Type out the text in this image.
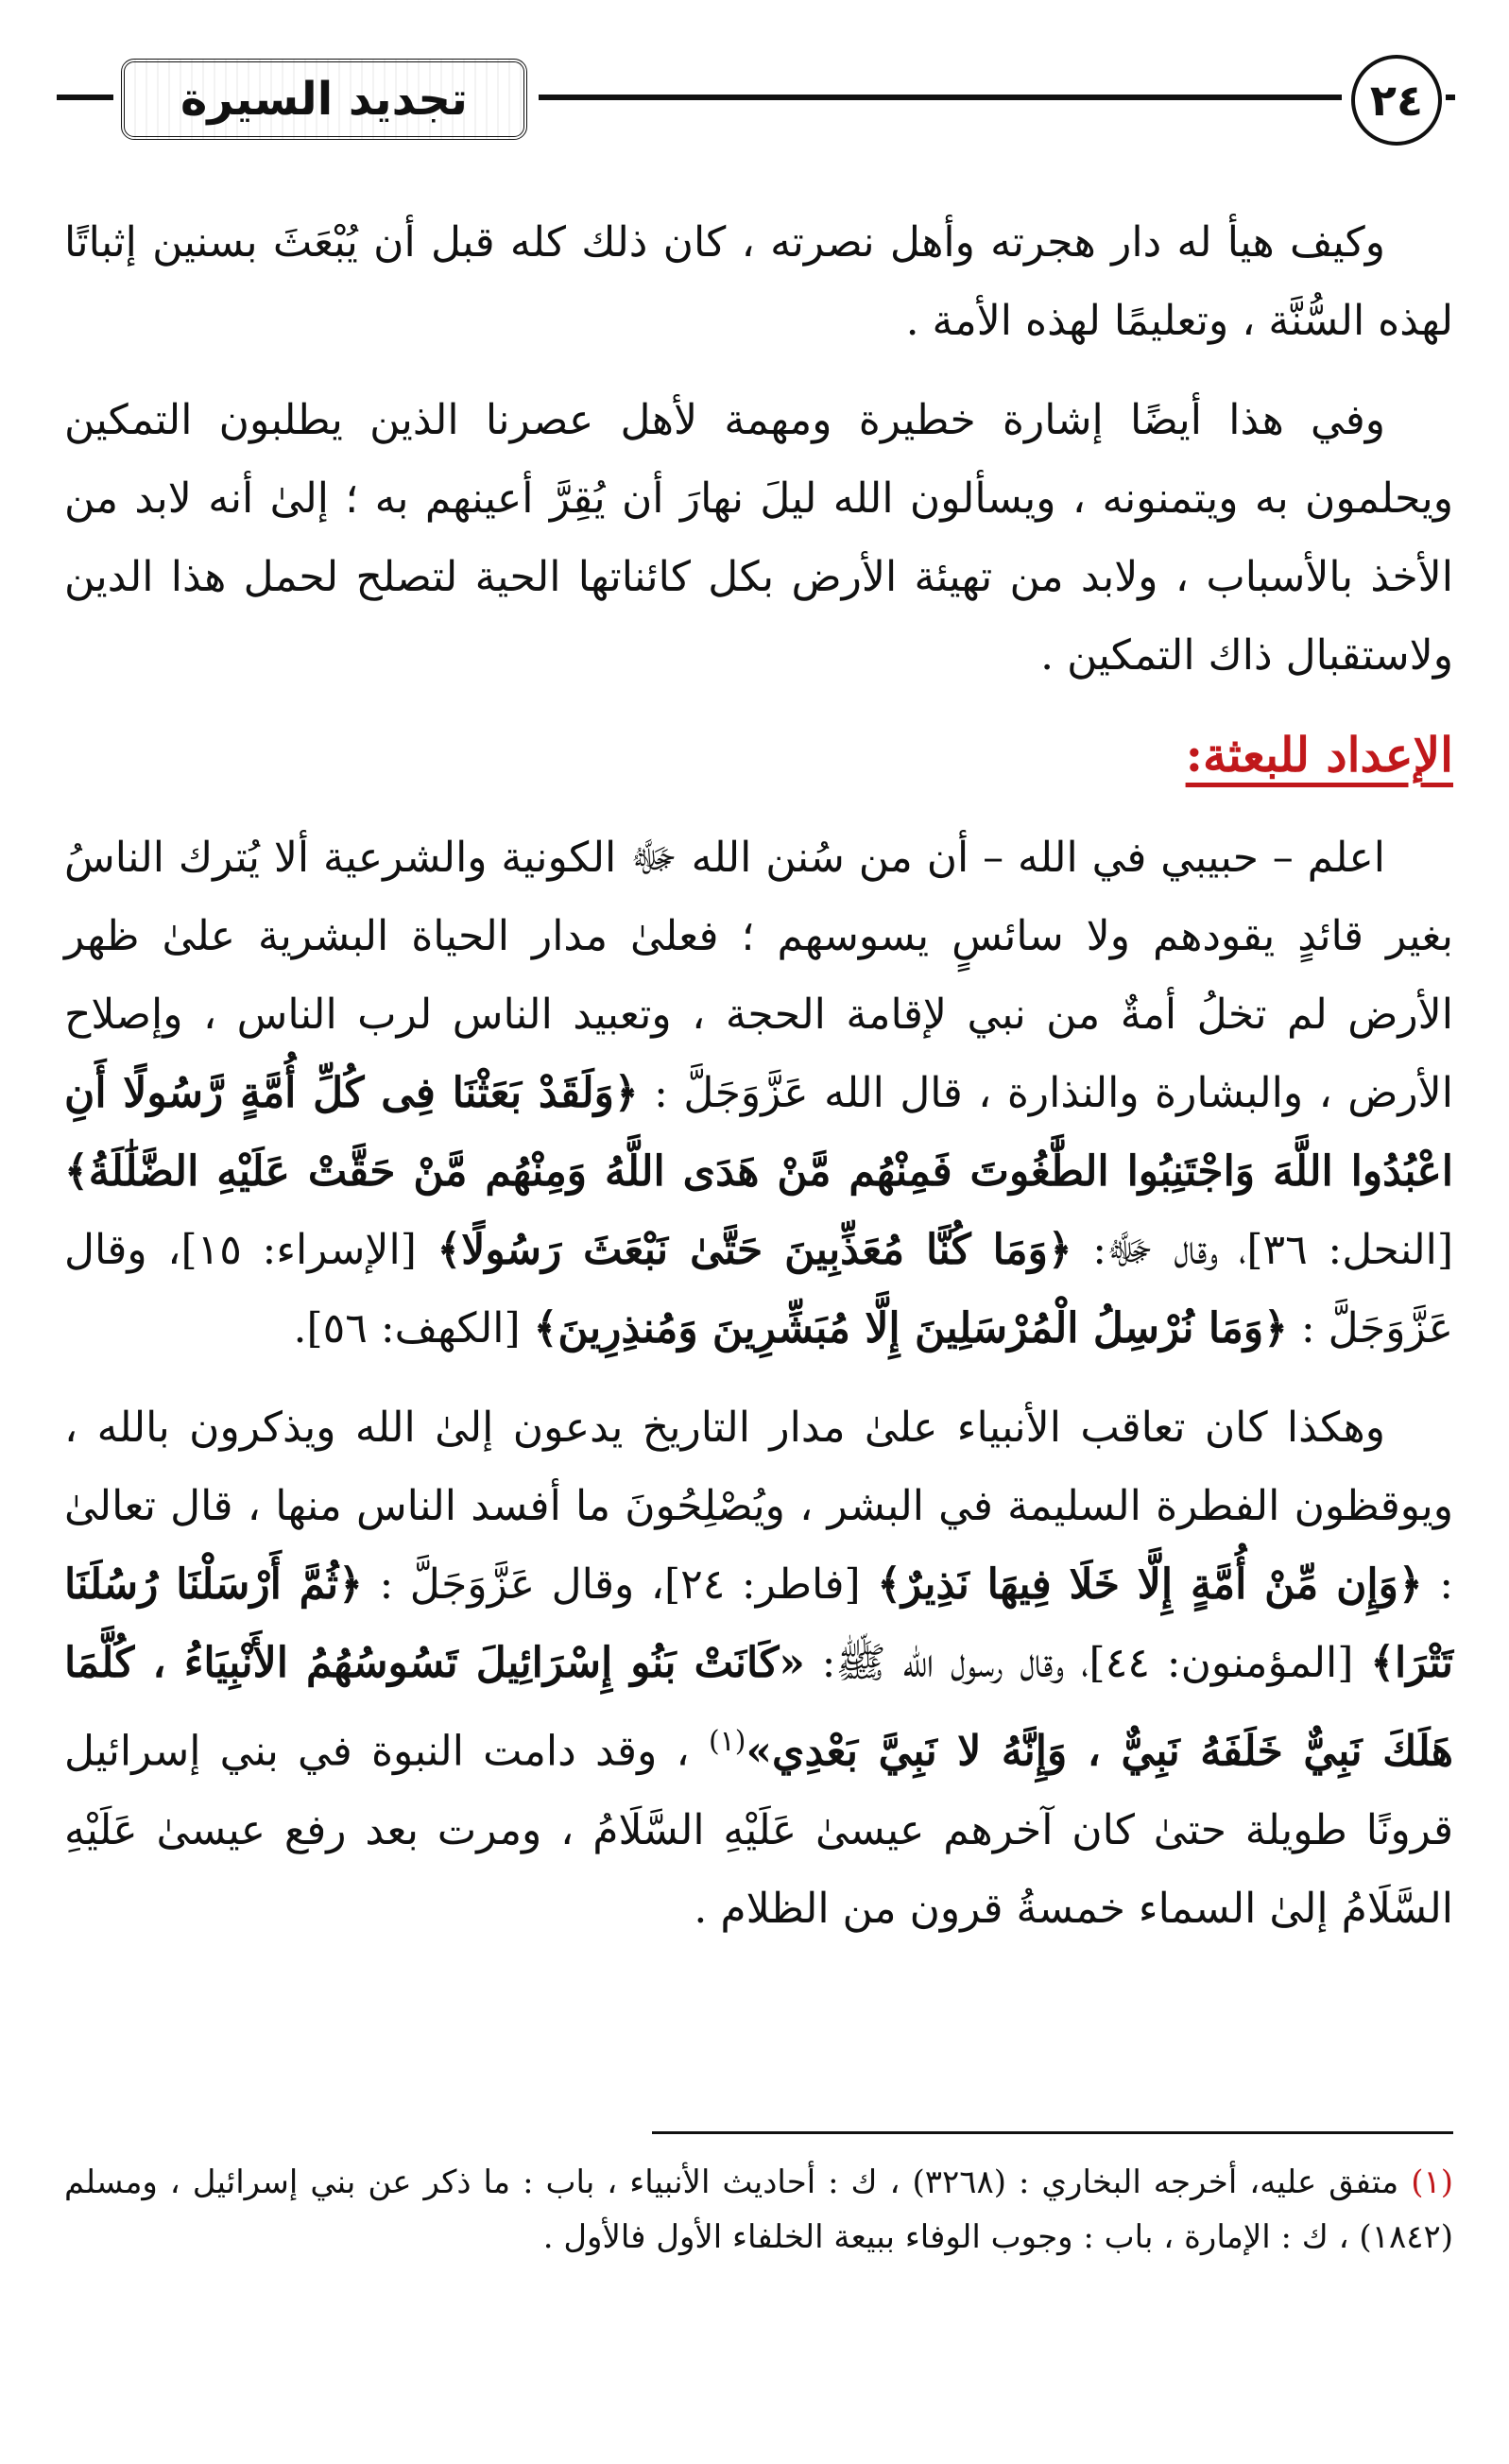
تجديد السيرة	٢٤

وكيف هيأ له دار هجرته وأهل نصرته ، كان ذلك كله قبل أن يُبْعَثَ بسنين إثباتًا لهذه السُّنَّة ، وتعليمًا لهذه الأمة .

وفي هذا أيضًا إشارة خطيرة ومهمة لأهل عصرنا الذين يطلبون التمكين ويحلمون به ويتمنونه ، ويسألون الله ليلَ نهارَ أن يُقِرَّ أعينهم به ؛ إلىٰ أنه لابد من الأخذ بالأسباب ، ولابد من تهيئة الأرض بكل كائناتها الحية لتصلح لحمل هذا الدين ولاستقبال ذاك التمكين .

الإعداد للبعثة:

اعلم – حبيبي في الله – أن من سُنن الله ﷻ الكونية والشرعية ألا يُترك الناسُ بغير قائدٍ يقودهم ولا سائسٍ يسوسهم ؛ فعلىٰ مدار الحياة البشرية علىٰ ظهر الأرض لم تخلُ أمةٌ من نبي لإقامة الحجة ، وتعبيد الناس لرب الناس ، وإصلاح الأرض ، والبشارة والنذارة ، قال الله عَزَّوَجَلَّ : ﴿وَلَقَدْ بَعَثْنَا فِى كُلِّ أُمَّةٍ رَّسُولًا أَنِ اعْبُدُوا اللَّهَ وَاجْتَنِبُوا الطَّٰغُوتَ فَمِنْهُم مَّنْ هَدَى اللَّهُ وَمِنْهُم مَّنْ حَقَّتْ عَلَيْهِ الضَّلَٰلَةُ﴾ [النحل: ٣٦]، وقال ﷻ: ﴿وَمَا كُنَّا مُعَذِّبِينَ حَتَّىٰ نَبْعَثَ رَسُولًا﴾ [الإسراء: ١٥]، وقال عَزَّوَجَلَّ : ﴿وَمَا نُرْسِلُ الْمُرْسَلِينَ إِلَّا مُبَشِّرِينَ وَمُنذِرِينَ﴾ [الكهف: ٥٦].

وهكذا كان تعاقب الأنبياء علىٰ مدار التاريخ يدعون إلىٰ الله ويذكرون بالله ، ويوقظون الفطرة السليمة في البشر ، ويُصْلِحُونَ ما أفسد الناس منها ، قال تعالىٰ : ﴿وَإِن مِّنْ أُمَّةٍ إِلَّا خَلَا فِيهَا نَذِيرٌ﴾ [فاطر: ٢٤]، وقال عَزَّوَجَلَّ : ﴿ثُمَّ أَرْسَلْنَا رُسُلَنَا تَتْرَا﴾ [المؤمنون: ٤٤]، وقال رسول الله ﷺ: «كَانَتْ بَنُو إِسْرَائِيلَ تَسُوسُهُمُ الأَنْبِيَاءُ ، كُلَّمَا هَلَكَ نَبِيٌّ خَلَفَهُ نَبِيٌّ ، وَإِنَّهُ لا نَبِيَّ بَعْدِي»$^{(١)}$ ، وقد دامت النبوة في بني إسرائيل قرونًا طويلة حتىٰ كان آخرهم عيسىٰ عَلَيْهِ السَّلَامُ ، ومرت بعد رفع عيسىٰ عَلَيْهِ السَّلَامُ إلىٰ السماء خمسةُ قرون من الظلام .

(١) متفق عليه، أخرجه البخاري : (٣٢٦٨) ، ك : أحاديث الأنبياء ، باب : ما ذكر عن بني إسرائيل ، ومسلم (١٨٤٢) ، ك : الإمارة ، باب : وجوب الوفاء ببيعة الخلفاء الأول فالأول .
